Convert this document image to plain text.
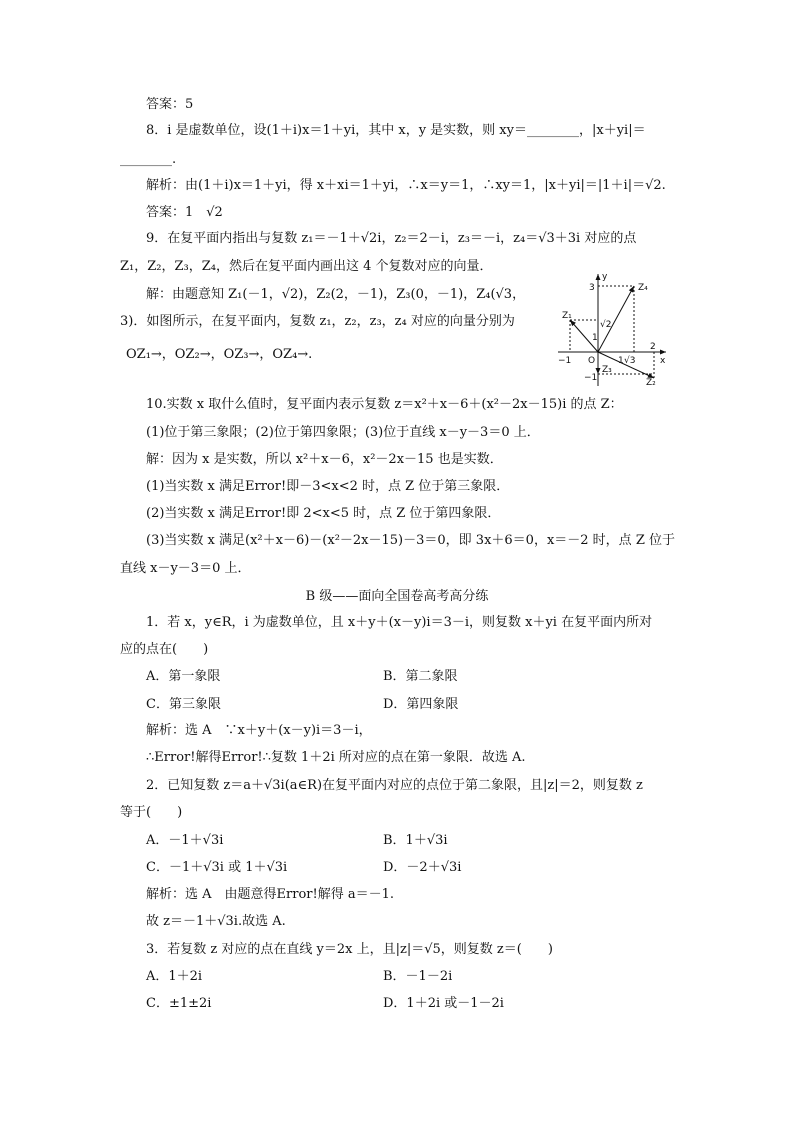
答案：5
8．i 是虚数单位，设(1＋i)x＝1＋yi，其中 x，y 是实数，则 xy＝________，|x＋yi|＝
________.
解析：由(1＋i)x＝1＋yi，得 x＋xi＝1＋yi，∴x＝y＝1，∴xy＝1，|x＋yi|＝|1＋i|＝√2.
答案：1　√2
9．在复平面内指出与复数 z₁＝－1＋√2i，z₂＝2－i，z₃＝－i，z₄＝√3＋3i 对应的点
Z₁，Z₂，Z₃，Z₄，然后在复平面内画出这 4 个复数对应的向量．
解：由题意知 Z₁(－1，√2)，Z₂(2，－1)，Z₃(0，－1)，Z₄(√3，
3)．如图所示，在复平面内，复数 z₁，z₂，z₃，z₄ 对应的向量分别为
OZ₁→，OZ₂→，OZ₃→，OZ₄→.
y
x
O
Z₄
Z₁
Z₂
Z₃
3
√2
1
2
−1
−1
1 √3
10.实数 x 取什么值时，复平面内表示复数 z＝x²＋x－6＋(x²－2x－15)i 的点 Z：
(1)位于第三象限；(2)位于第四象限；(3)位于直线 x－y－3＝0 上．
解：因为 x 是实数，所以 x²＋x－6，x²－2x－15 也是实数．
(1)当实数 x 满足Error!即－3<x<2 时，点 Z 位于第三象限．
(2)当实数 x 满足Error!即 2<x<5 时，点 Z 位于第四象限．
(3)当实数 x 满足(x²＋x－6)－(x²－2x－15)－3＝0，即 3x＋6＝0，x＝－2 时，点 Z 位于
直线 x－y－3＝0 上．
B 级——面向全国卷高考高分练
1．若 x，y∈R，i 为虚数单位，且 x＋y＋(x－y)i＝3－i，则复数 x＋yi 在复平面内所对
应的点在(　　)
A．第一象限	B．第二象限
C．第三象限	D．第四象限
解析：选 A　∵x＋y＋(x－y)i＝3－i，
∴Error!解得Error!∴复数 1＋2i 所对应的点在第一象限．故选 A.
2．已知复数 z＝a＋√3i(a∈R)在复平面内对应的点位于第二象限，且|z|＝2，则复数 z
等于(　　)
A．－1＋√3i	B．1＋√3i
C．－1＋√3i 或 1＋√3i	D．－2＋√3i
解析：选 A　由题意得Error!解得 a＝－1.
故 z＝－1＋√3i.故选 A.
3．若复数 z 对应的点在直线 y＝2x 上，且|z|＝√5，则复数 z＝(　　)
A．1＋2i	B．－1－2i
C．±1±2i	D．1＋2i 或－1－2i
